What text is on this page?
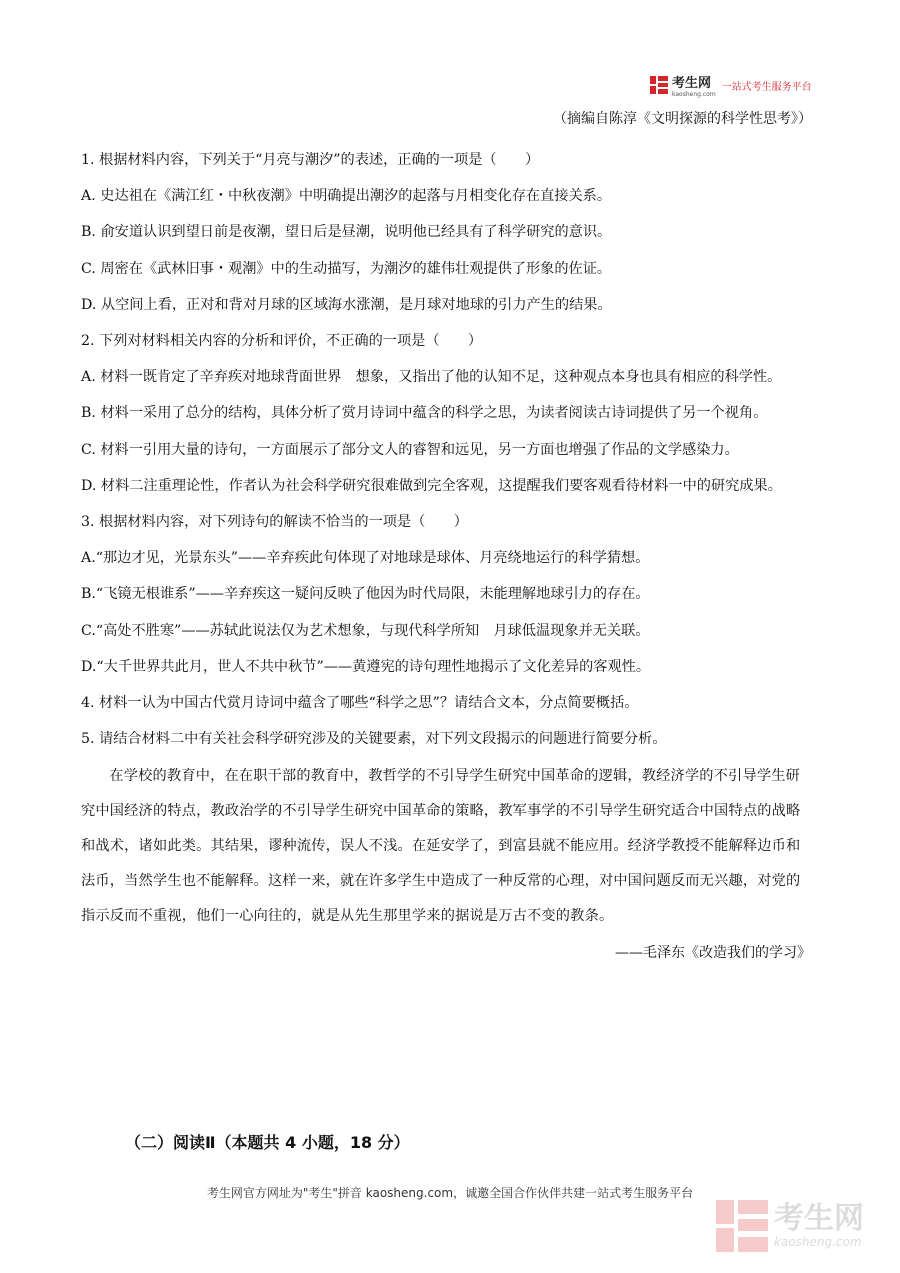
考生网
kaosheng.com
一站式考生服务平台
（摘编自陈淳《文明探源的科学性思考》）

1. 根据材料内容，下列关于“月亮与潮汐”的表述，正确的一项是（　　）

A. 史达祖在《满江红・中秋夜潮》中明确提出潮汐的起落与月相变化存在直接关系。

B. 俞安道认识到望日前是夜潮，望日后是昼潮，说明他已经具有了科学研究的意识。

C. 周密在《武林旧事・观潮》中的生动描写，为潮汐的雄伟壮观提供了形象的佐证。

D. 从空间上看，正对和背对月球的区域海水涨潮，是月球对地球的引力产生的结果。

2. 下列对材料相关内容的分析和评价，不正确的一项是（　　）

A. 材料一既肯定了辛弃疾对地球背面世界　想象，又指出了他的认知不足，这种观点本身也具有相应的科学性。

B. 材料一采用了总分的结构，具体分析了赏月诗词中蕴含的科学之思，为读者阅读古诗词提供了另一个视角。

C. 材料一引用大量的诗句，一方面展示了部分文人的睿智和远见，另一方面也增强了作品的文学感染力。

D. 材料二注重理论性，作者认为社会科学研究很难做到完全客观，这提醒我们要客观看待材料一中的研究成果。

3. 根据材料内容，对下列诗句的解读不恰当的一项是（　　）

A.“那边才见，光景东头”——辛弃疾此句体现了对地球是球体、月亮绕地运行的科学猜想。

B.“飞镜无根谁系”——辛弃疾这一疑问反映了他因为时代局限，未能理解地球引力的存在。

C.“高处不胜寒”——苏轼此说法仅为艺术想象，与现代科学所知　月球低温现象并无关联。

D.“大千世界共此月，世人不共中秋节”——黄遵宪的诗句理性地揭示了文化差异的客观性。

4. 材料一认为中国古代赏月诗词中蕴含了哪些“科学之思”？请结合文本，分点简要概括。

5. 请结合材料二中有关社会科学研究涉及的关键要素，对下列文段揭示的问题进行简要分析。

在学校的教育中，在在职干部的教育中，教哲学的不引导学生研究中国革命的逻辑，教经济学的不引导学生研究中国经济的特点，教政治学的不引导学生研究中国革命的策略，教军事学的不引导学生研究适合中国特点的战略和战术，诸如此类。其结果，谬种流传，误人不浅。在延安学了，到富县就不能应用。经济学教授不能解释边币和法币，当然学生也不能解释。这样一来，就在许多学生中造成了一种反常的心理，对中国问题反而无兴趣，对党的指示反而不重视，他们一心向往的，就是从先生那里学来的据说是万古不变的教条。

——毛泽东《改造我们的学习》

（二）阅读Ⅱ（本题共 4 小题，18 分）
考生网官方网址为"考生"拼音 kaosheng.com，诚邀全国合作伙伴共建一站式考生服务平台
考生网
kaosheng.com
